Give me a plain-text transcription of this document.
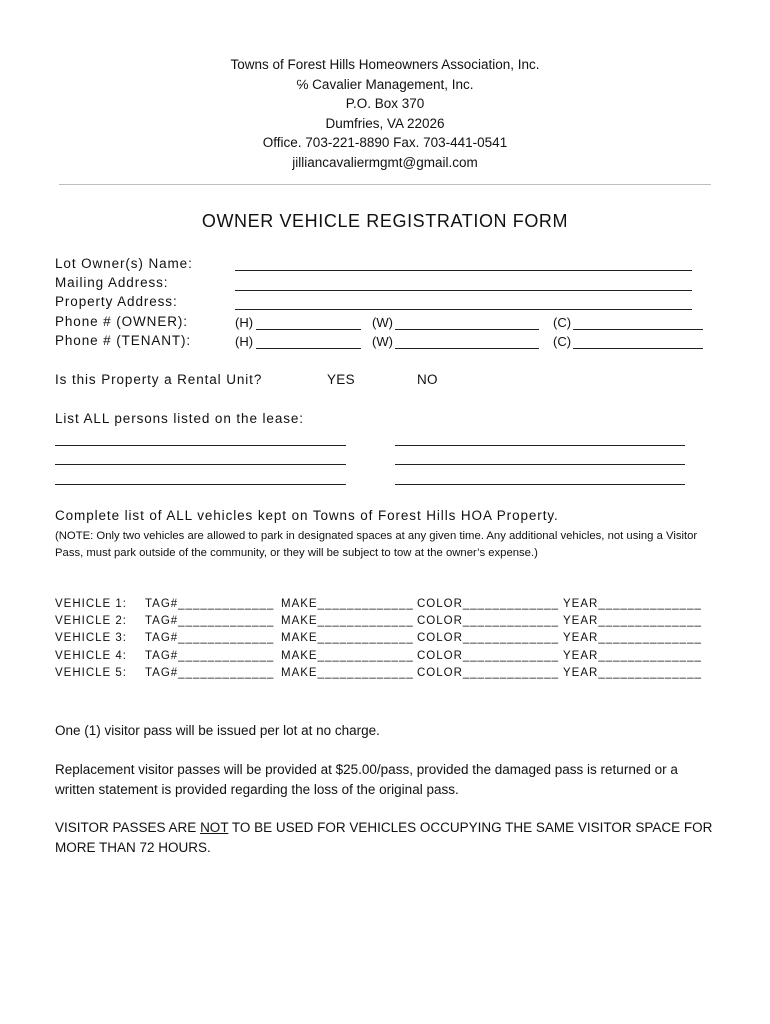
Towns of Forest Hills Homeowners Association, Inc.
℅ Cavalier Management, Inc.
P.O. Box 370
Dumfries, VA 22026
Office. 703-221-8890 Fax. 703-441-0541
jilliancavaliermgmt@gmail.com
OWNER VEHICLE REGISTRATION FORM
Lot Owner(s) Name:
Mailing Address:
Property Address:
Phone # (OWNER):	(H)	(W)	(C)
Phone # (TENANT):	(H)	(W)	(C)
Is this Property a Rental Unit?	YES	NO
List ALL persons listed on the lease:
Complete list of ALL vehicles kept on Towns of Forest Hills HOA Property.
(NOTE: Only two vehicles are allowed to park in designated spaces at any given time. Any additional vehicles, not using a Visitor Pass, must park outside of the community, or they will be subject to tow at the owner’s expense.)
VEHICLE 1: TAG#_____________ MAKE_____________ COLOR_____________ YEAR______________
VEHICLE 2: TAG#_____________ MAKE_____________ COLOR_____________ YEAR______________
VEHICLE 3: TAG#_____________ MAKE_____________ COLOR_____________ YEAR______________
VEHICLE 4: TAG#_____________ MAKE_____________ COLOR_____________ YEAR______________
VEHICLE 5: TAG#_____________ MAKE_____________ COLOR_____________ YEAR______________
One (1) visitor pass will be issued per lot at no charge.
Replacement visitor passes will be provided at $25.00/pass, provided the damaged pass is returned or a written statement is provided regarding the loss of the original pass.
VISITOR PASSES ARE NOT TO BE USED FOR VEHICLES OCCUPYING THE SAME VISITOR SPACE FOR MORE THAN 72 HOURS.
